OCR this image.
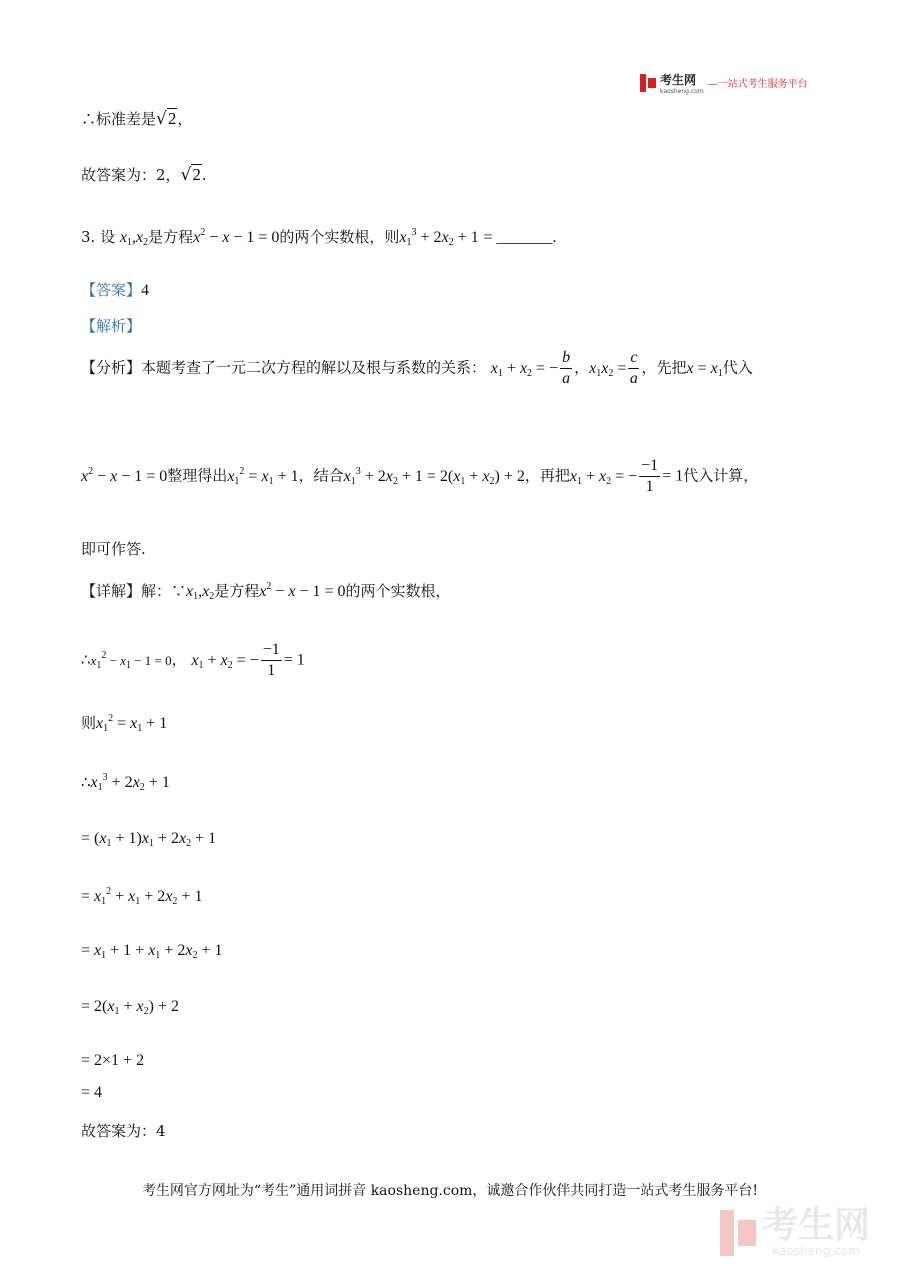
考生网
kaosheng.com
—一站式考生服务平台
∴标准差是√2，
故答案为：2，√2.
3. 设 $x_1,x_2$是方程$x^2 - x - 1 = 0$的两个实数根，则$x_1^3 + 2x_2 + 1$ = _______.
【答案】4
【解析】
【分析】本题考查了一元二次方程的解以及根与系数的关系： $x_1 + x_2$ = − $\frac{b}{a}$ ，$x_1x_2 = \frac{c}{a}$ ，先把$x = x_1$代入
$x^2 - x - 1 = 0$整理得出$x_1^2 = x_1 + 1$，结合$x_1^3 + 2x_2 + 1 = 2(x_1 + x_2) + 2$，再把$x_1 + x_2$ = − $\frac{-1}{1} = 1$代入计算，
即可作答.
【详解】解：$\because x_1,x_2$是方程$x^2 - x - 1 = 0$的两个实数根，
$\therefore x_1^2 - x_1 - 1 = 0$， $x_1 + x_2$ = − $\frac{-1}{1} = 1$
则$x_1^2 = x_1 + 1$
$\therefore x_1^3 + 2x_2 + 1$
= $(x_1 + 1)x_1 + 2x_2 + 1$
= $x_1^2 + x_1 + 2x_2 + 1$
= $x_1 + 1 + x_1 + 2x_2 + 1$
= $2(x_1 + x_2) + 2$
= 2×1 + 2
= 4
故答案为：4
考生网官方网址为“考生”通用词拼音 kaosheng.com，诚邀合作伙伴共同打造一站式考生服务平台!
考生网
kaosheng.com
